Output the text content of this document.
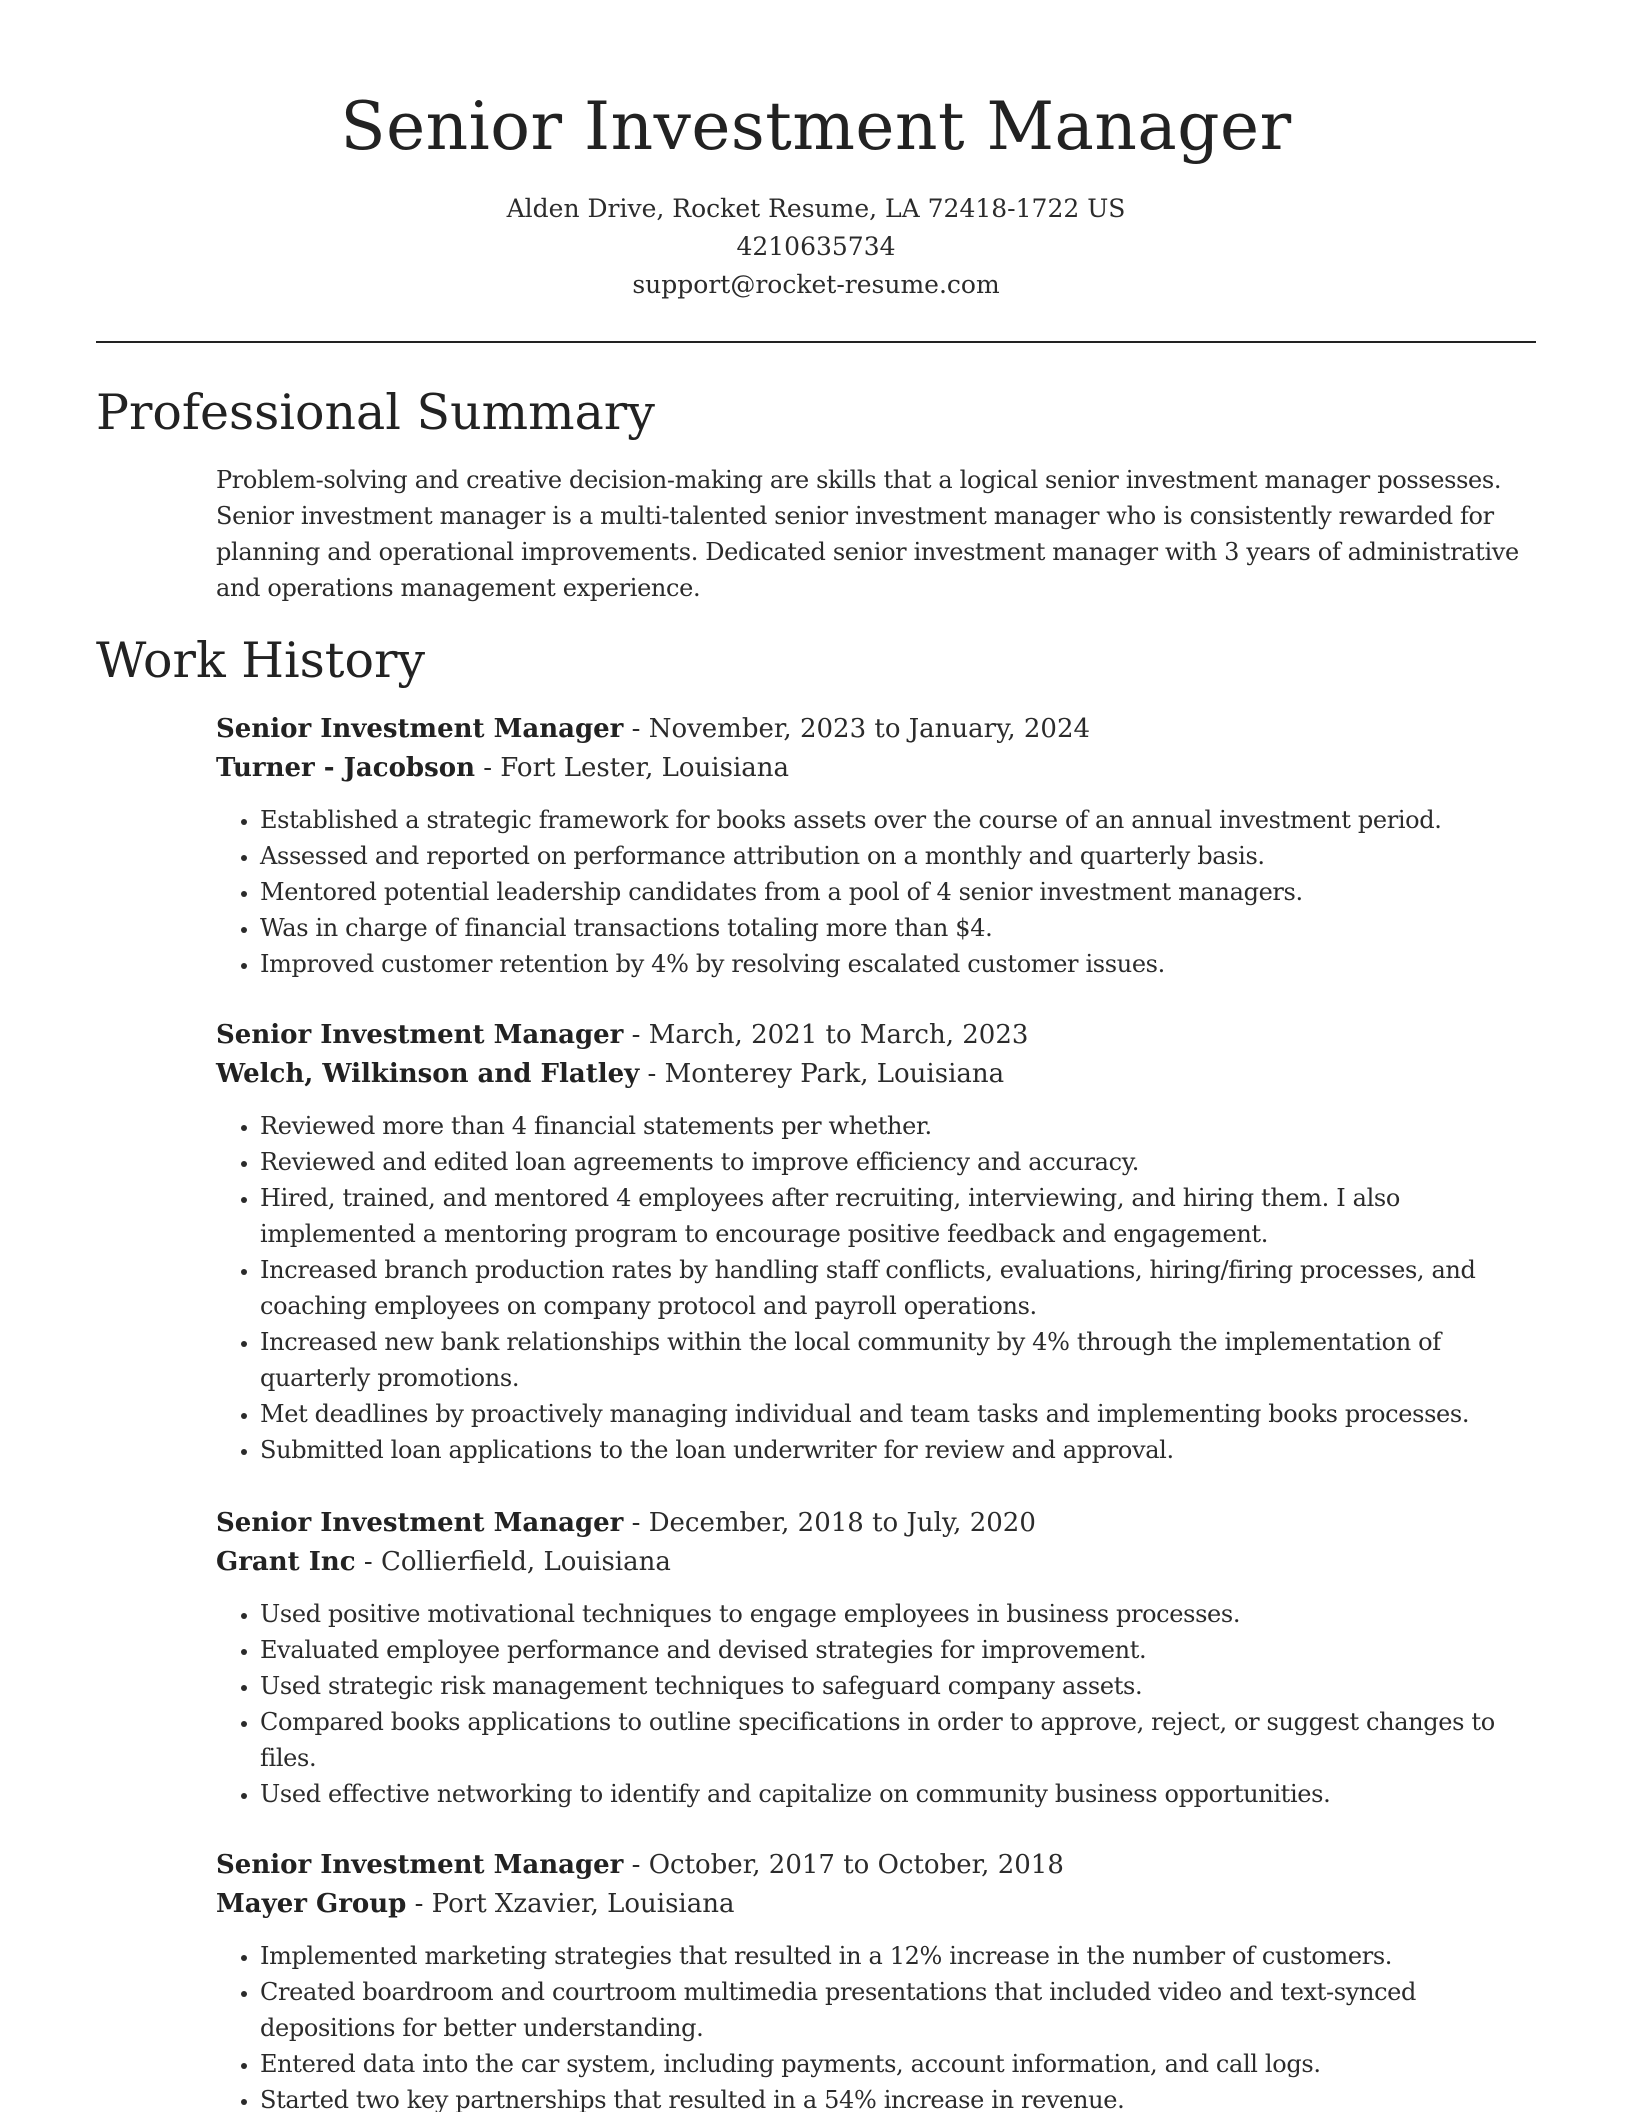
Senior Investment Manager
Alden Drive, Rocket Resume, LA 72418-1722 US
4210635734
support@rocket-resume.com
Professional Summary

Problem-solving and creative decision-making are skills that a logical senior investment manager possesses. Senior investment manager is a multi-talented senior investment manager who is consistently rewarded for planning and operational improvements. Dedicated senior investment manager with 3 years of administrative and operations management experience.

Work History
Senior Investment Manager - November, 2023 to January, 2024
Turner - Jacobson - Fort Lester, Louisiana
• Established a strategic framework for books assets over the course of an annual investment period.
• Assessed and reported on performance attribution on a monthly and quarterly basis.
• Mentored potential leadership candidates from a pool of 4 senior investment managers.
• Was in charge of financial transactions totaling more than $4.
• Improved customer retention by 4% by resolving escalated customer issues.
Senior Investment Manager - March, 2021 to March, 2023
Welch, Wilkinson and Flatley - Monterey Park, Louisiana
• Reviewed more than 4 financial statements per whether.
• Reviewed and edited loan agreements to improve efficiency and accuracy.
• Hired, trained, and mentored 4 employees after recruiting, interviewing, and hiring them. I also implemented a mentoring program to encourage positive feedback and engagement.
• Increased branch production rates by handling staff conflicts, evaluations, hiring/firing processes, and coaching employees on company protocol and payroll operations.
• Increased new bank relationships within the local community by 4% through the implementation of quarterly promotions.
• Met deadlines by proactively managing individual and team tasks and implementing books processes.
• Submitted loan applications to the loan underwriter for review and approval.
Senior Investment Manager - December, 2018 to July, 2020
Grant Inc - Collierfield, Louisiana
• Used positive motivational techniques to engage employees in business processes.
• Evaluated employee performance and devised strategies for improvement.
• Used strategic risk management techniques to safeguard company assets.
• Compared books applications to outline specifications in order to approve, reject, or suggest changes to files.
• Used effective networking to identify and capitalize on community business opportunities.
Senior Investment Manager - October, 2017 to October, 2018
Mayer Group - Port Xzavier, Louisiana
• Implemented marketing strategies that resulted in a 12% increase in the number of customers.
• Created boardroom and courtroom multimedia presentations that included video and text-synced depositions for better understanding.
• Entered data into the car system, including payments, account information, and call logs.
• Started two key partnerships that resulted in a 54% increase in revenue.
